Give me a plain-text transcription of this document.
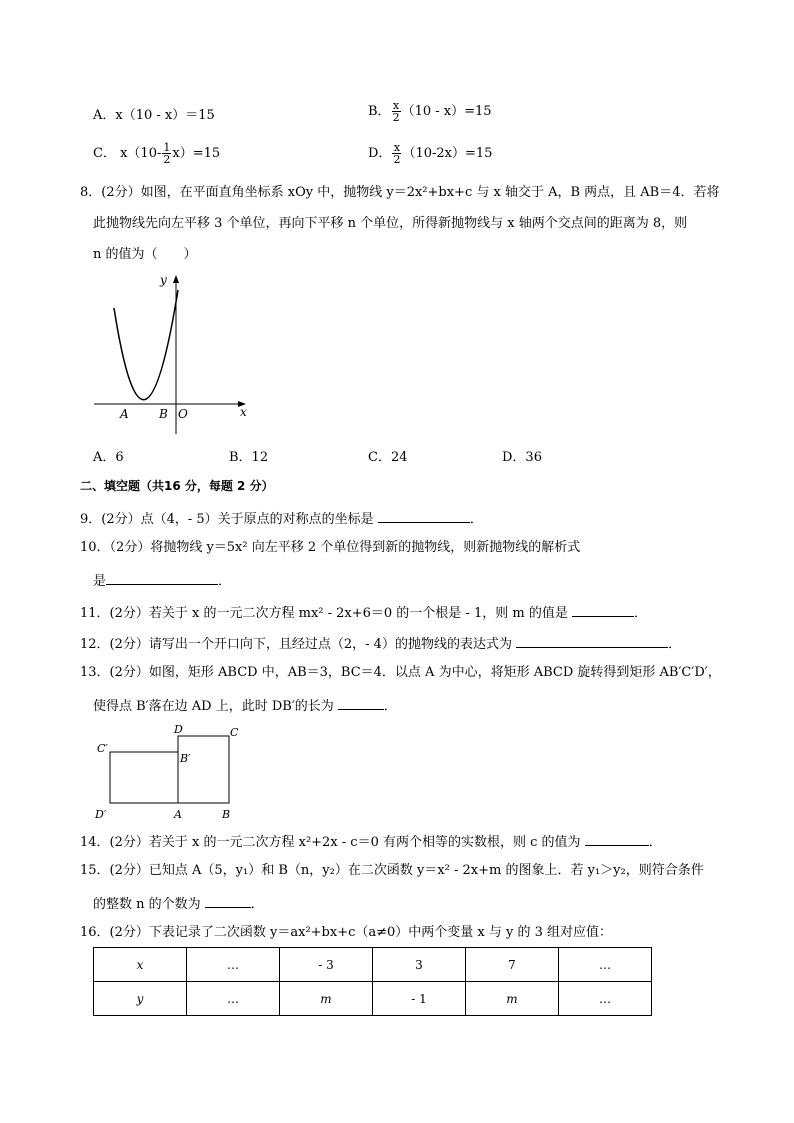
A．x（10 - x）＝15	B． $\frac{x}{2} (10 - x)=15$
C． $x(10- \frac{1}{2} x)=15$	D． $\frac{x}{2} (10-2x)=15$
8．(2分）如图，在平面直角坐标系 xOy 中，抛物线 y＝2x²+bx+c 与 x 轴交于 A，B 两点，且 AB＝4．若将
此抛物线先向左平移 3 个单位，再向下平移 n 个单位，所得新抛物线与 x 轴两个交点间的距离为 8，则
n 的值为（　　）
y
x
A	B O
A．6	B．12	C．24	D．36
二、填空题（共16 分，每题 2 分）
9．(2分）点（4，- 5）关于原点的对称点的坐标是	．
10．（2分）将抛物线 y＝5x² 向左平移 2 个单位得到新的抛物线，则新抛物线的解析式
是	．
11．(2分）若关于 x 的一元二次方程 mx² - 2x+6＝0 的一个根是 - 1，则 m 的值是	．
12．(2分）请写出一个开口向下，且经过点（2，- 4）的抛物线的表达式为	．
13．(2分）如图，矩形 ABCD 中，AB＝3，BC＝4．以点 A 为中心，将矩形 ABCD 旋转得到矩形 AB′C′D′，
使得点 B′落在边 AD 上，此时 DB′的长为	．
D	C
C′
B′
D′	A	B
14．(2分）若关于 x 的一元二次方程 x²+2x - c＝0 有两个相等的实数根，则 c 的值为	．
15．(2分）已知点 A（5，y₁）和 B（n，y₂）在二次函数 y＝x² - 2x+m 的图象上．若 y₁＞y₂，则符合条件
的整数 n 的个数为	．
16．(2分）下表记录了二次函数 y＝ax²+bx+c（a≠0）中两个变量 x 与 y 的 3 组对应值：
x	…	- 3	3	7	…
y	…	m	- 1	m	…
